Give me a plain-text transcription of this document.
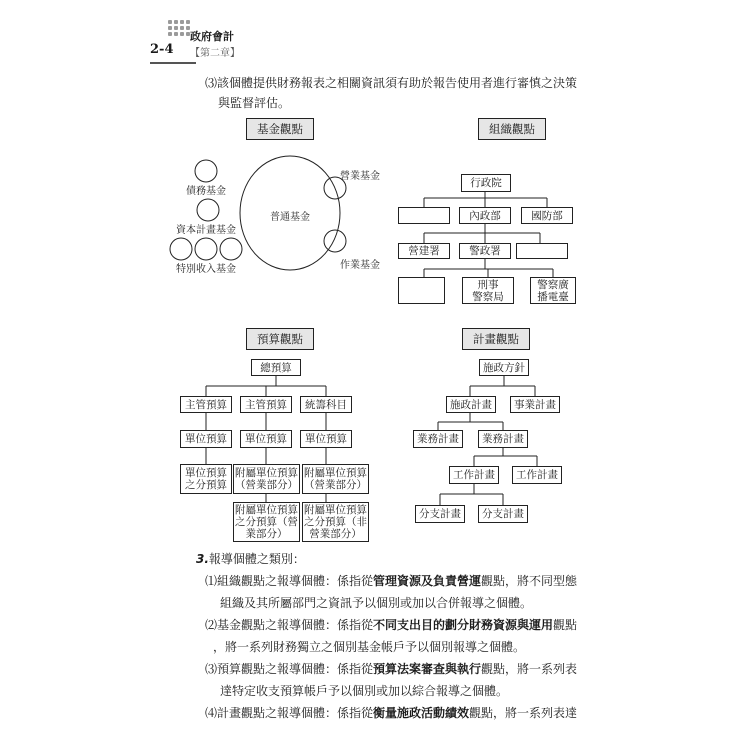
2-4
政府會計
【第二章】
⑶該個體提供財務報表之相關資訊須有助於報告使用者進行審慎之決策
與監督評估。
基金觀點
債務基金
資本計畫基金
特別收入基金
普通基金
營業基金
作業基金
組織觀點
行政院
內政部	國防部
營建署	警政署
刑事
警察局
警察廣
播電臺
預算觀點
總預算
主管預算	主管預算	統籌科目
單位預算	單位預算	單位預算
單位預算
之分預算
附屬單位預算
（營業部分）
附屬單位預算
（營業部分）
附屬單位預算
之分預算（營
業部分）
附屬單位預算
之分預算（非
營業部分）
計畫觀點
施政方針
施政計畫	事業計畫
業務計畫	業務計畫
工作計畫	工作計畫
分支計畫	分支計畫
3.報導個體之類別：
⑴組織觀點之報導個體：係指從管理資源及負責營運觀點，將不同型態
組織及其所屬部門之資訊予以個別或加以合併報導之個體。
⑵基金觀點之報導個體：係指從不同支出目的劃分財務資源與運用觀點
，將一系列財務獨立之個別基金帳戶予以個別報導之個體。
⑶預算觀點之報導個體：係指從預算法案審查與執行觀點，將一系列表
達特定收支預算帳戶予以個別或加以綜合報導之個體。
⑷計畫觀點之報導個體：係指從衡量施政活動績效觀點，將一系列表達
